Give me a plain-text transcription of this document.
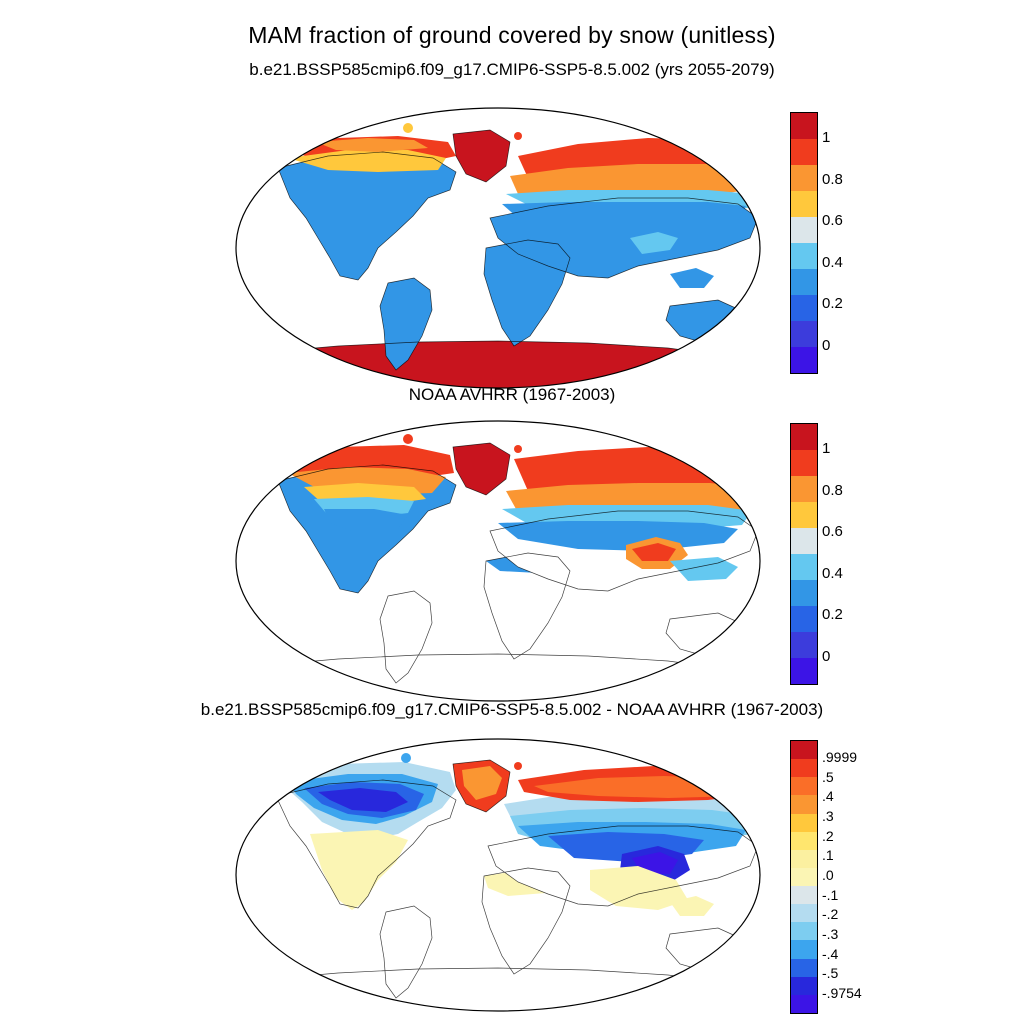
MAM fraction of ground covered by snow (unitless)
b.e21.BSSP585cmip6.f09_g17.CMIP6-SSP5-8.5.002 (yrs 2055-2079)
1
0.8
0.6
0.4
0.2
0
NOAA AVHRR (1967-2003)
1
0.8
0.6
0.4
0.2
0
b.e21.BSSP585cmip6.f09_g17.CMIP6-SSP5-8.5.002 - NOAA AVHRR (1967-2003)
.9999
.5
.4
.3
.2
.1
.0
-.1
-.2
-.3
-.4
-.5
-.9754
